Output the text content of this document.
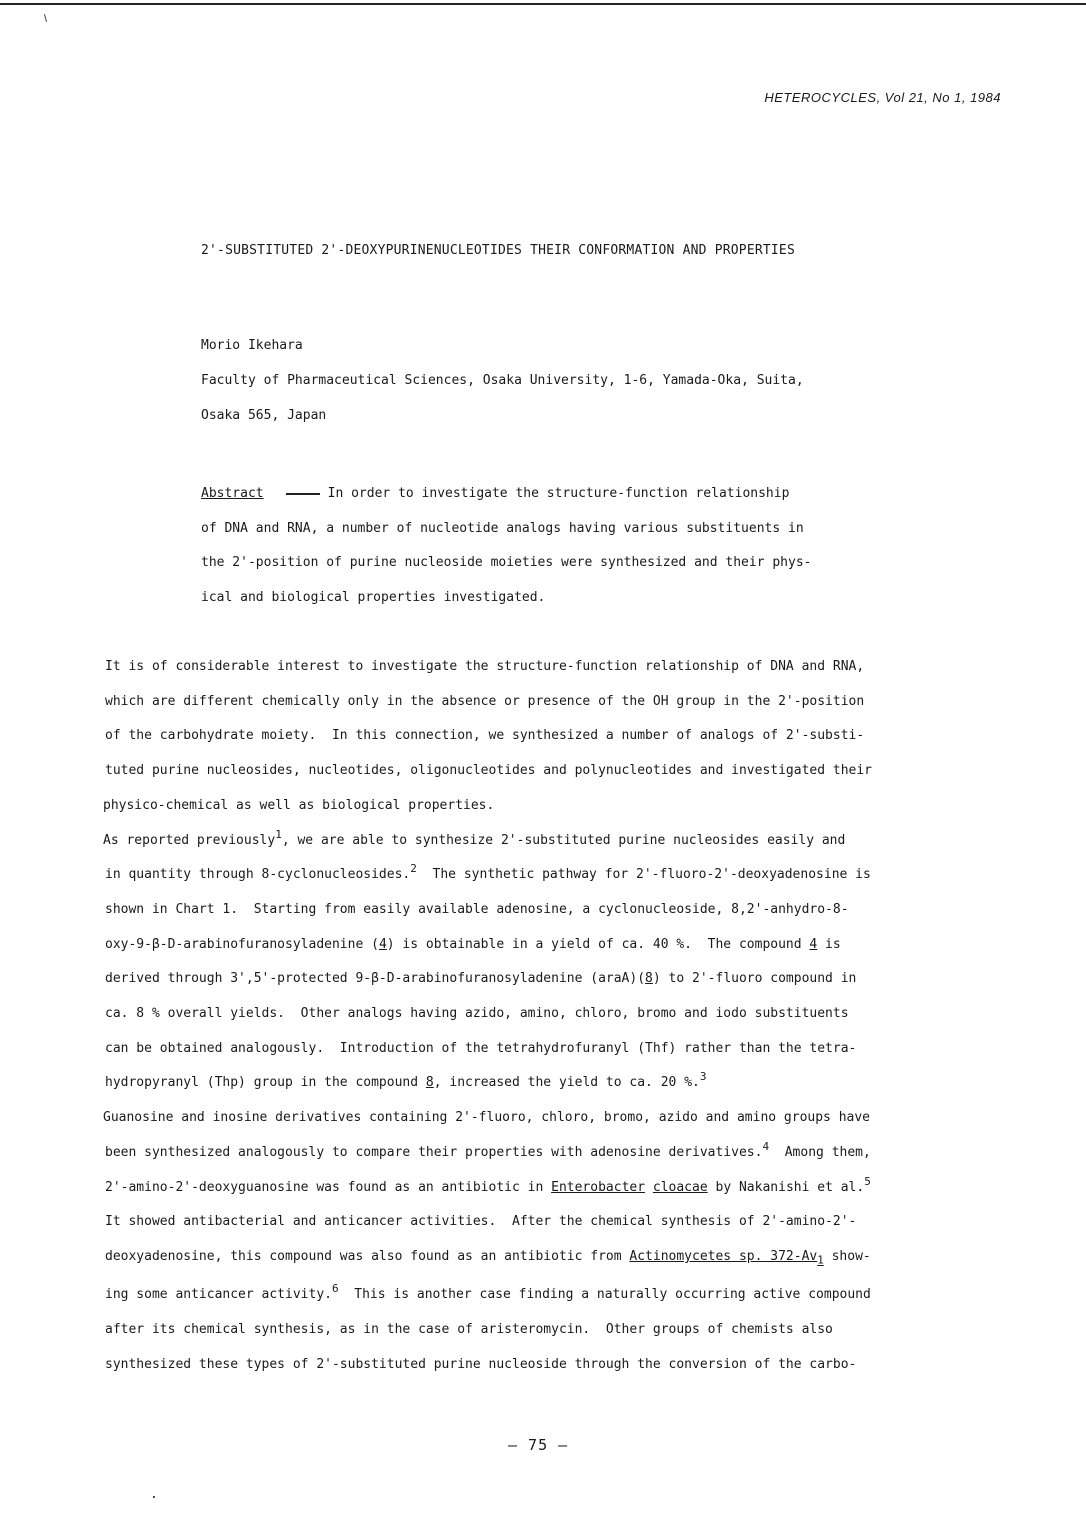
HETEROCYCLES, Vol 21, No 1, 1984
2'-SUBSTITUTED 2'-DEOXYPURINENUCLEOTIDES THEIR CONFORMATION AND PROPERTIES
Morio Ikehara
Faculty of Pharmaceutical Sciences, Osaka University, 1-6, Yamada-Oka, Suita,
Osaka 565, Japan
Abstract	In order to investigate the structure-function relationship
of DNA and RNA, a number of nucleotide analogs having various substituents in
the 2'-position of purine nucleoside moieties were synthesized and their phys-
ical and biological properties investigated.
It is of considerable interest to investigate the structure-function relationship of DNA and RNA,
which are different chemically only in the absence or presence of the OH group in the 2'-position
of the carbohydrate moiety.  In this connection, we synthesized a number of analogs of 2'-substi-
tuted purine nucleosides, nucleotides, oligonucleotides and polynucleotides and investigated their
physico-chemical as well as biological properties.
As reported previously$^1$, we are able to synthesize 2'-substituted purine nucleosides easily and
in quantity through 8-cyclonucleosides.$^2$  The synthetic pathway for 2'-fluoro-2'-deoxyadenosine is
shown in Chart 1.  Starting from easily available adenosine, a cyclonucleoside, 8,2'-anhydro-8-
oxy-9-β-D-arabinofuranosyladenine (4) is obtainable in a yield of ca. 40 %.  The compound 4 is
derived through 3',5'-protected 9-β-D-arabinofuranosyladenine (araA)(8) to 2'-fluoro compound in
ca. 8 % overall yields.  Other analogs having azido, amino, chloro, bromo and iodo substituents
can be obtained analogously.  Introduction of the tetrahydrofuranyl (Thf) rather than the tetra-
hydropyranyl (Thp) group in the compound 8, increased the yield to ca. 20 %.$^3$
Guanosine and inosine derivatives containing 2'-fluoro, chloro, bromo, azido and amino groups have
been synthesized analogously to compare their properties with adenosine derivatives.$^4$  Among them,
2'-amino-2'-deoxyguanosine was found as an antibiotic in Enterobacter cloacae by Nakanishi et al.$^5$
It showed antibacterial and anticancer activities.  After the chemical synthesis of 2'-amino-2'-
deoxyadenosine, this compound was also found as an antibiotic from Actinomycetes sp. $372-Av_1$ show-
ing some anticancer activity.$^6$  This is another case finding a naturally occurring active compound
after its chemical synthesis, as in the case of aristeromycin.  Other groups of chemists also
synthesized these types of 2'-substituted purine nucleoside through the conversion of the carbo-
— 75 —
